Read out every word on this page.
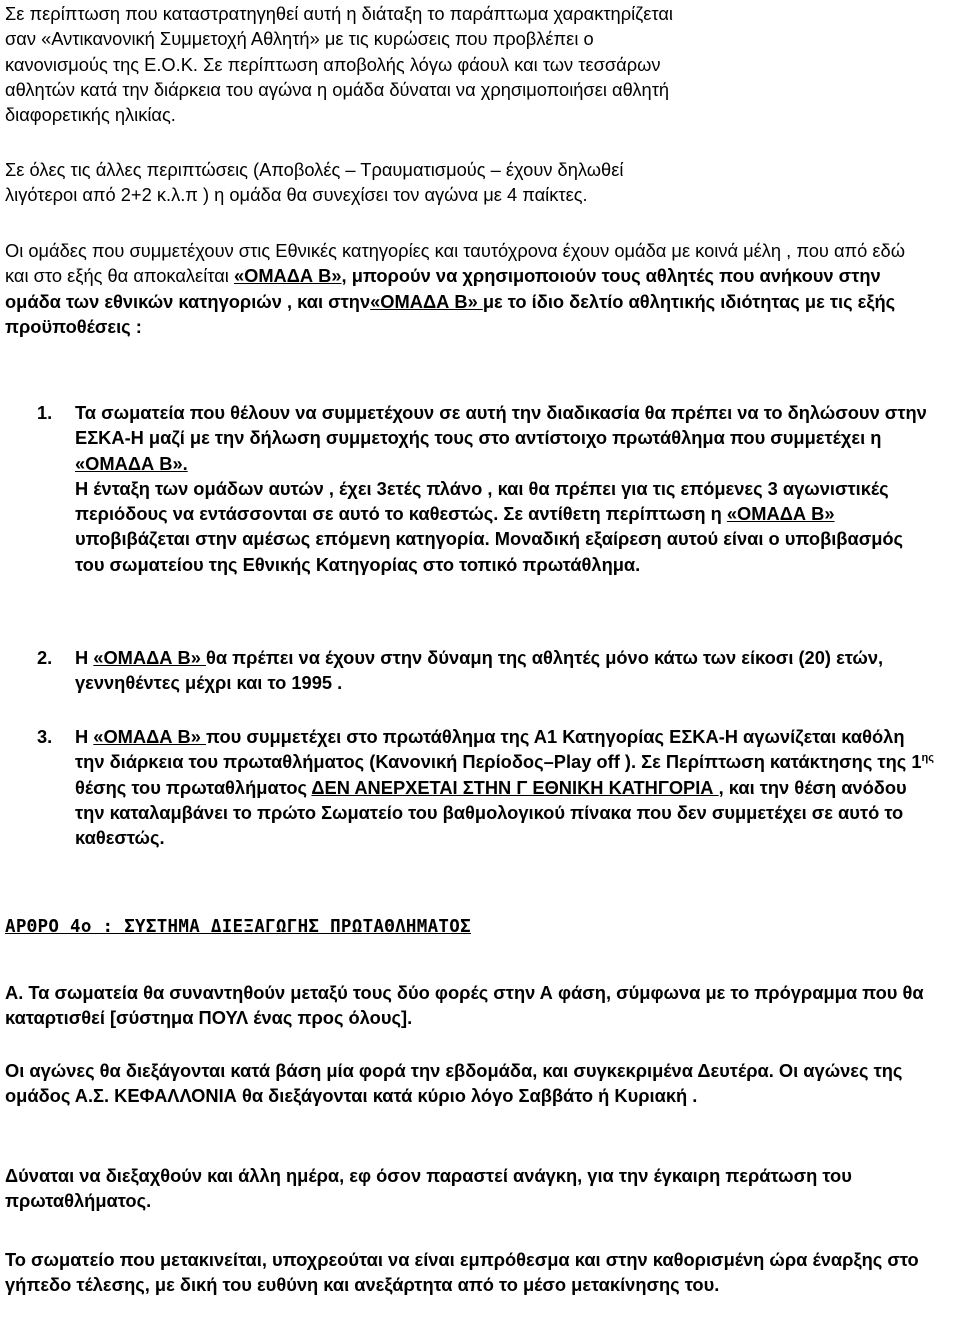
Σε περίπτωση που καταστρατηγηθεί αυτή η διάταξη το παράπτωμα χαρακτηρίζεται

σαν «Αντικανονική Συμμετοχή Αθλητή» με τις κυρώσεις που προβλέπει ο

κανονισμούς της Ε.Ο.Κ. Σε περίπτωση αποβολής λόγω φάουλ και των τεσσάρων

αθλητών κατά την διάρκεια του αγώνα η ομάδα δύναται να χρησιμοποιήσει αθλητή

διαφορετικής ηλικίας.

Σε όλες τις άλλες περιπτώσεις (Αποβολές – Τραυματισμούς – έχουν δηλωθεί

λιγότεροι από 2+2 κ.λ.π ) η ομάδα θα συνεχίσει τον αγώνα με 4 παίκτες.

Οι ομάδες που συμμετέχουν στις Εθνικές κατηγορίες και ταυτόχρονα έχουν ομάδα με κοινά μέλη , που από εδώ και στο εξής θα αποκαλείται «ΟΜΑΔΑ Β», μπορούν να χρησιμοποιούν τους αθλητές που ανήκουν στην ομάδα των εθνικών κατηγοριών , και στην«ΟΜΑΔΑ Β» με το ίδιο δελτίο αθλητικής ιδιότητας με τις εξής προϋποθέσεις :

1.	Τα σωματεία που θέλουν να συμμετέχουν σε αυτή την διαδικασία θα πρέπει να το δηλώσουν στην ΕΣΚΑ-Η μαζί με την δήλωση συμμετοχής τους στο αντίστοιχο πρωτάθλημα που συμμετέχει η «ΟΜΑΔΑ Β».
Η ένταξη των ομάδων αυτών , έχει 3ετές πλάνο , και θα πρέπει για τις επόμενες 3 αγωνιστικές περιόδους να εντάσσονται σε αυτό το καθεστώς. Σε αντίθετη περίπτωση η «ΟΜΑΔΑ Β» υποβιβάζεται στην αμέσως επόμενη κατηγορία. Μοναδική εξαίρεση αυτού είναι ο υποβιβασμός του σωματείου της Εθνικής Κατηγορίας στο τοπικό πρωτάθλημα.
2.	Η «ΟΜΑΔΑ Β» θα πρέπει να έχουν στην δύναμη της αθλητές μόνο κάτω των είκοσι (20) ετών, γεννηθέντες μέχρι και το 1995 .
3.	Η «ΟΜΑΔΑ Β» που συμμετέχει στο πρωτάθλημα της Α1 Κατηγορίας ΕΣΚΑ-Η αγωνίζεται καθόλη την διάρκεια του πρωταθλήματος (Κανονική Περίοδος–Play off ). Σε Περίπτωση κατάκτησης της $1^{\eta\varsigma}$ θέσης του πρωταθλήματος ΔΕΝ ΑΝΕΡΧΕΤΑΙ ΣΤΗΝ Γ ΕΘΝΙΚΗ ΚΑΤΗΓΟΡΙΑ , και την θέση ανόδου την καταλαμβάνει το πρώτο Σωματείο του βαθμολογικού πίνακα που δεν συμμετέχει σε αυτό το καθεστώς.
ΑΡΘΡΟ 4ο : ΣΥΣΤΗΜΑ ΔΙΕΞΑΓΩΓΗΣ ΠΡΩΤΑΘΛΗΜΑΤΟΣ

Α. Τα σωματεία θα συναντηθούν μεταξύ τους δύο φορές στην Α φάση, σύμφωνα με το πρόγραμμα που θα καταρτισθεί [σύστημα ΠΟΥΛ ένας προς όλους].

Οι αγώνες θα διεξάγονται κατά βάση μία φορά την εβδομάδα, και συγκεκριμένα Δευτέρα. Οι αγώνες της ομάδος Α.Σ. ΚΕΦΑΛΛΟΝΙΑ θα διεξάγονται κατά κύριο λόγο Σαββάτο ή Κυριακή .

Δύναται να διεξαχθούν και άλλη ημέρα, εφ όσον παραστεί ανάγκη, για την έγκαιρη περάτωση του πρωταθλήματος.

Το σωματείο που μετακινείται, υποχρεούται να είναι εμπρόθεσμα και στην καθορισμένη ώρα έναρξης στο γήπεδο τέλεσης, με δική του ευθύνη και ανεξάρτητα από το μέσο μετακίνησης του.
